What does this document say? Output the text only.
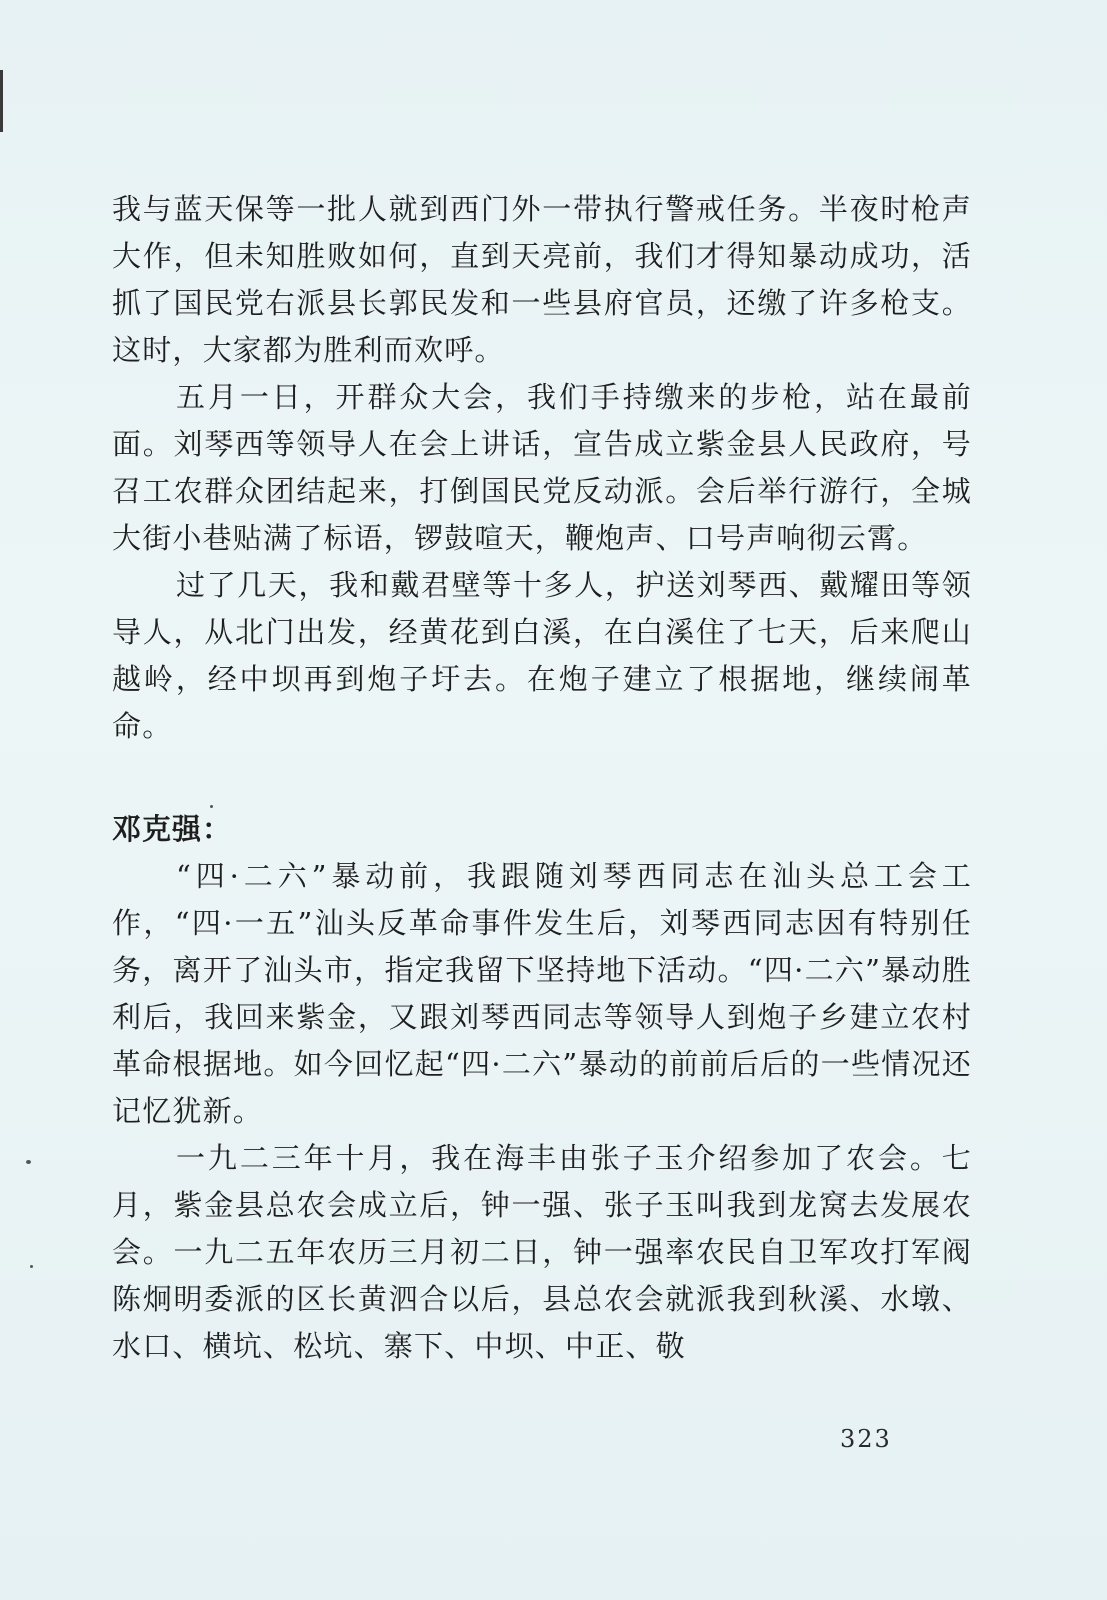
我与蓝天保等一批人就到西门外一带执行警戒任务。半夜时枪声大作，但未知胜败如何，直到天亮前，我们才得知暴动成功，活抓了国民党右派县长郭民发和一些县府官员，还缴了许多枪支。这时，大家都为胜利而欢呼。

五月一日，开群众大会，我们手持缴来的步枪，站在最前面。刘琴西等领导人在会上讲话，宣告成立紫金县人民政府，号召工农群众团结起来，打倒国民党反动派。会后举行游行，全城大街小巷贴满了标语，锣鼓喧天，鞭炮声、口号声响彻云霄。

过了几天，我和戴君壁等十多人，护送刘琴西、戴耀田等领导人，从北门出发，经黄花到白溪，在白溪住了七天，后来爬山越岭，经中坝再到炮子圩去。在炮子建立了根据地，继续闹革命。

邓克强：

“四·二六”暴动前，我跟随刘琴西同志在汕头总工会工作，“四·一五”汕头反革命事件发生后，刘琴西同志因有特别任务，离开了汕头市，指定我留下坚持地下活动。“四·二六”暴动胜利后，我回来紫金，又跟刘琴西同志等领导人到炮子乡建立农村革命根据地。如今回忆起“四·二六”暴动的前前后后的一些情况还记忆犹新。

一九二三年十月，我在海丰由张子玉介绍参加了农会。七月，紫金县总农会成立后，钟一强、张子玉叫我到龙窝去发展农会。一九二五年农历三月初二日，钟一强率农民自卫军攻打军阀陈炯明委派的区长黄泗合以后，县总农会就派我到秋溪、水墩、水口、横坑、松坑、寨下、中坝、中正、敬

323
